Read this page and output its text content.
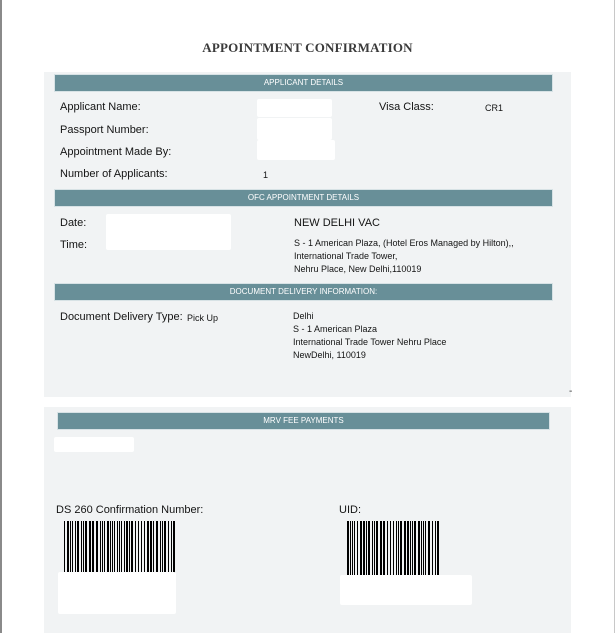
APPOINTMENT CONFIRMATION
APPLICANT DETAILS
Applicant Name:	Visa Class:	CR1
Passport Number:
Appointment Made By:
Number of Applicants:	1
OFC APPOINTMENT DETAILS
Date:
Time:
NEW DELHI VAC
S - 1 American Plaza, (Hotel Eros Managed by Hilton),,
International Trade Tower,
Nehru Place, New Delhi,110019
DOCUMENT DELIVERY INFORMATION:
Document Delivery Type: Pick Up	Delhi
S - 1 American Plaza
International Trade Tower Nehru Place
NewDelhi, 110019
-
MRV FEE PAYMENTS
DS 260 Confirmation Number:	UID:
